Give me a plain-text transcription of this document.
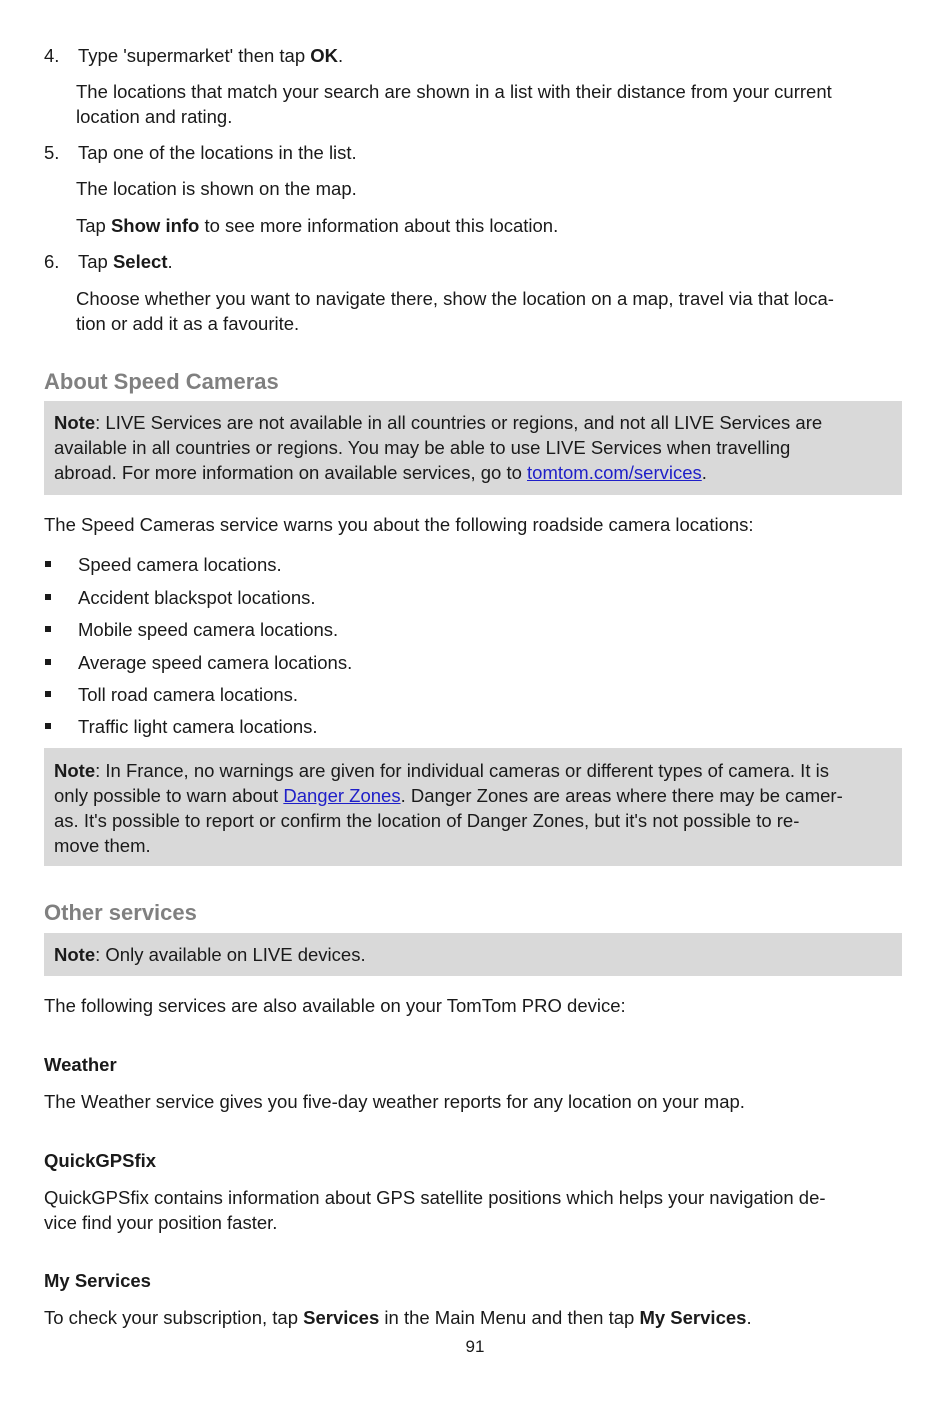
4. Type 'supermarket' then tap OK.
The locations that match your search are shown in a list with their distance from your current
location and rating.
5. Tap one of the locations in the list.
The location is shown on the map.
Tap Show info to see more information about this location.
6. Tap Select.
Choose whether you want to navigate there, show the location on a map, travel via that loca-
tion or add it as a favourite.
About Speed Cameras
Note: LIVE Services are not available in all countries or regions, and not all LIVE Services are
available in all countries or regions. You may be able to use LIVE Services when travelling
abroad. For more information on available services, go to tomtom.com/services.
The Speed Cameras service warns you about the following roadside camera locations:
Speed camera locations.
Accident blackspot locations.
Mobile speed camera locations.
Average speed camera locations.
Toll road camera locations.
Traffic light camera locations.
Note: In France, no warnings are given for individual cameras or different types of camera. It is
only possible to warn about Danger Zones. Danger Zones are areas where there may be camer-
as. It's possible to report or confirm the location of Danger Zones, but it's not possible to re-
move them.
Other services
Note: Only available on LIVE devices.
The following services are also available on your TomTom PRO device:
Weather
The Weather service gives you five-day weather reports for any location on your map.
QuickGPSfix
QuickGPSfix contains information about GPS satellite positions which helps your navigation de-
vice find your position faster.
My Services
To check your subscription, tap Services in the Main Menu and then tap My Services.
91
